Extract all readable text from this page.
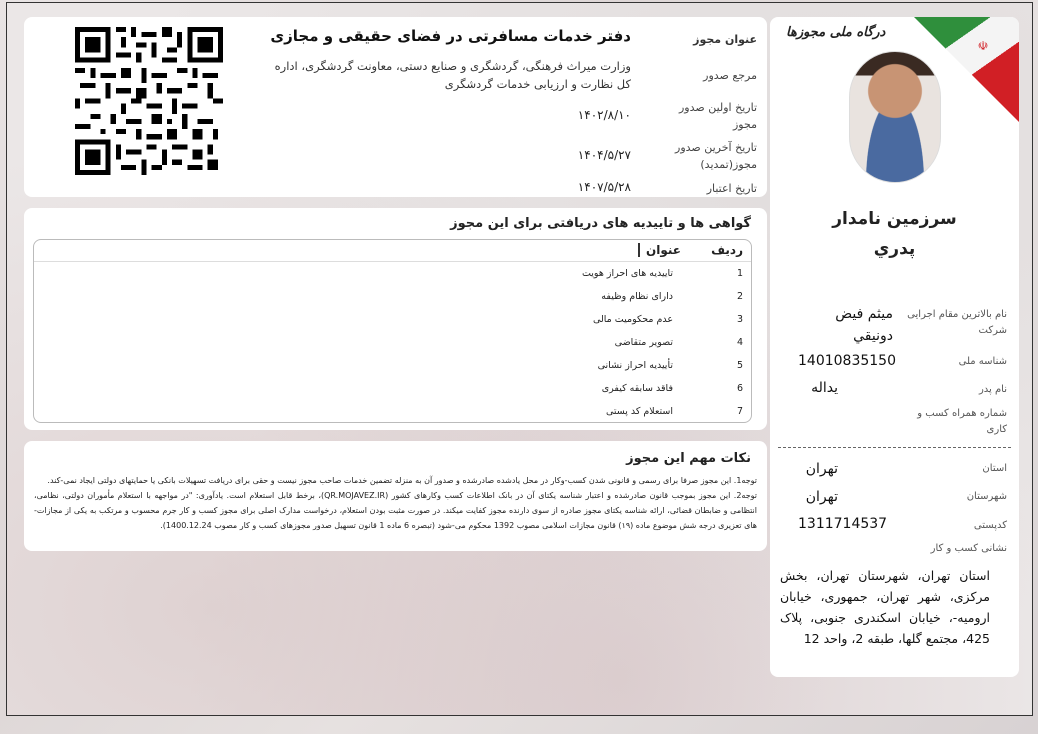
☫
درگاه ملی مجوزها
سرزمین نامدار
پدري
نام بالاترین مقام اجرایی شرکت
میثم فیض دونیقي
شناسه ملی
14010835150
نام پدر
یداله
شماره همراه کسب و کاری
استان
تهران
شهرستان
تهران
کدپستی
1311714537
نشانی کسب و کار
استان تهران، شهرستان تهران، بخش مرکزی، شهر تهران، جمهوری، خیابان ارومیه-، خیابان اسکندری جنوبی، پلاک 425، مجتمع گلها، طبقه 2، واحد 12
عنوان مجوز
دفتر خدمات مسافرتی در فضای حقیقی و مجازی
مرجع صدور
وزارت میراث فرهنگی، گردشگری و صنایع دستی، معاونت گردشگری، اداره کل نظارت و ارزیابی خدمات گردشگری
تاریخ اولین صدور مجوز
۱۴۰۲/۸/۱۰
تاریخ آخرین صدور مجوز(تمدید)
۱۴۰۴/۵/۲۷
تاریخ اعتبار
۱۴۰۷/۵/۲۸
گواهی ها و تاییدیه های دریافتی برای این مجوز
ردیف
عنوان
1
تاییدیه های احراز هویت
2
دارای نظام وظیفه
3
عدم محکومیت مالی
4
تصویر متقاضی
5
تأییدیه احراز نشانی
6
فاقد سابقه کیفری
7
استعلام کد پستی
نکات مهم این مجوز

توجه1. این مجوز صرفا برای رسمی و قانونی شدن کسب-وکار در محل یادشده صادرشده و صدور آن به منزله تضمین خدمات صاحب مجوز نیست و حقی برای دریافت تسهیلات بانکی یا حمایتهای دولتی ایجاد نمی-کند.

توجه2. این مجوز بموجب قانون صادرشده و اعتبار شناسه یکتای آن در بانک اطلاعات کسب وکارهای کشور (QR.MOJAVEZ.IR)، برخط قابل استعلام است. یادآوری: "در مواجهه با استعلام مأموران دولتی، نظامی، انتظامی و ضابطان قضائی، ارائه شناسه یکتای مجوز صادره از سوی دارنده مجوز کفایت میکند. در صورت مثبت بودن استعلام، درخواست مدارک اصلی برای مجوز کسب و کار جرم محسوب و مرتکب به یکی از مجازات-های تعزیری درجه شش موضوع ماده (۱۹) قانون مجازات اسلامی مصوب 1392 محکوم می-شود (تبصره 6 ماده 1 قانون تسهیل صدور مجوزهای کسب و کار مصوب 1400.12.24).
